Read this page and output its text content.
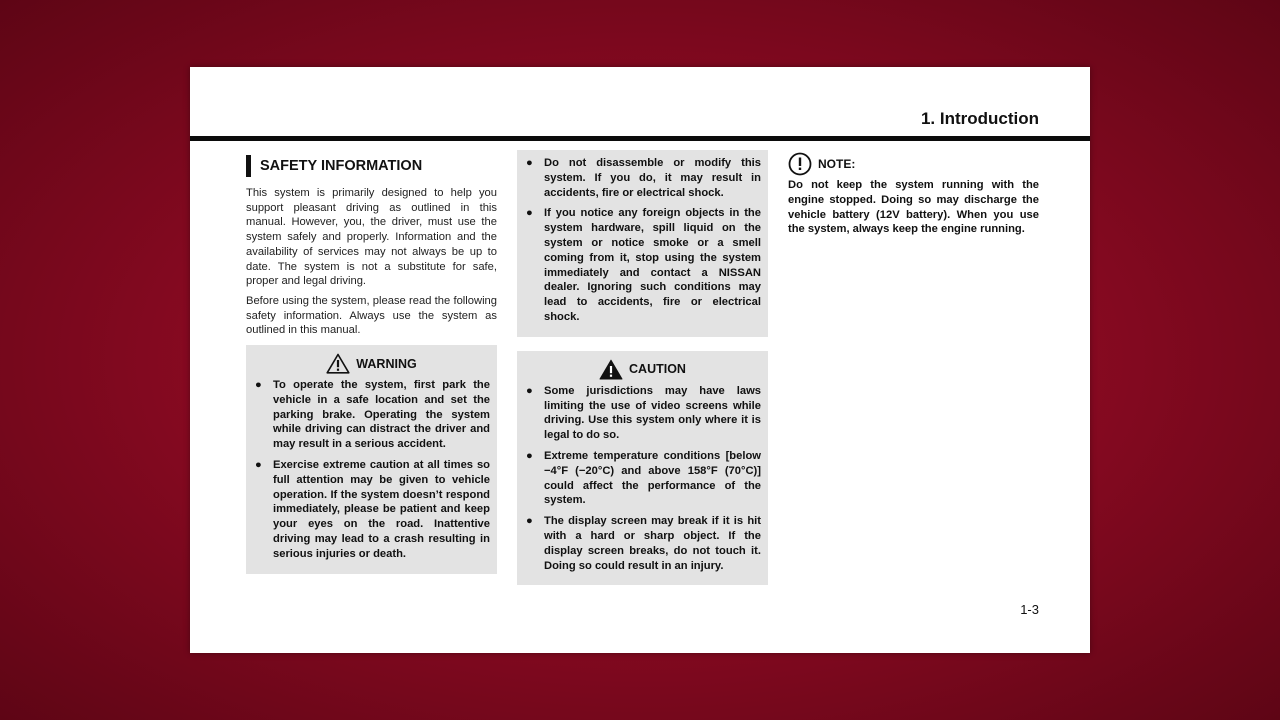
1. Introduction
SAFETY INFORMATION

This system is primarily designed to help you support pleasant driving as outlined in this manual. However, you, the driver, must use the system safely and properly. Information and the availability of services may not always be up to date. The system is not a substitute for safe, proper and legal driving.

Before using the system, please read the following safety information. Always use the system as outlined in this manual.

WARNING
● To operate the system, first park the vehicle in a safe location and set the parking brake. Operating the system while driving can distract the driver and may result in a serious accident.
● Exercise extreme caution at all times so full attention may be given to vehicle operation. If the system doesn’t respond immediately, please be patient and keep your eyes on the road. Inattentive driving may lead to a crash resulting in serious injuries or death.
● Do not disassemble or modify this system. If you do, it may result in accidents, fire or electrical shock.
● If you notice any foreign objects in the system hardware, spill liquid on the system or notice smoke or a smell coming from it, stop using the system immediately and contact a NISSAN dealer. Ignoring such conditions may lead to accidents, fire or electrical shock.
CAUTION
● Some jurisdictions may have laws limiting the use of video screens while driving. Use this system only where it is legal to do so.
● Extreme temperature conditions [below −4°F (−20°C) and above 158°F (70°C)] could affect the performance of the system.
● The display screen may break if it is hit with a hard or sharp object. If the display screen breaks, do not touch it. Doing so could result in an injury.
NOTE:

Do not keep the system running with the engine stopped. Doing so may discharge the vehicle battery (12V battery). When you use the system, always keep the engine running.

1-3
